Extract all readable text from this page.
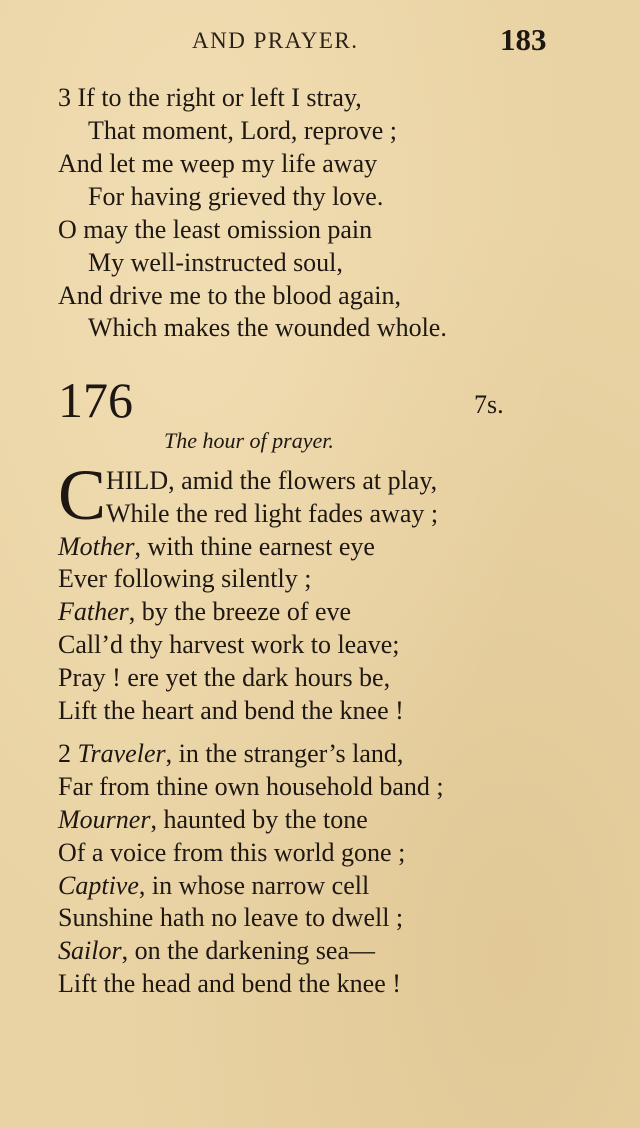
AND PRAYER.	183
3 If to the right or left I stray,
That moment, Lord, reprove ;
And let me weep my life away
For having grieved thy love.
O may the least omission pain
My well-instructed soul,
And drive me to the blood again,
Which makes the wounded whole.
176	7s.
The hour of prayer.
C HILD, amid the flowers at play,
While the red light fades away ;
Mother, with thine earnest eye
Ever following silently ;
Father, by the breeze of eve
Call’d thy harvest work to leave;
Pray ! ere yet the dark hours be,
Lift the heart and bend the knee !
2 Traveler, in the stranger’s land,
Far from thine own household band ;
Mourner, haunted by the tone
Of a voice from this world gone ;
Captive, in whose narrow cell
Sunshine hath no leave to dwell ;
Sailor, on the darkening sea—
Lift the head and bend the knee !
